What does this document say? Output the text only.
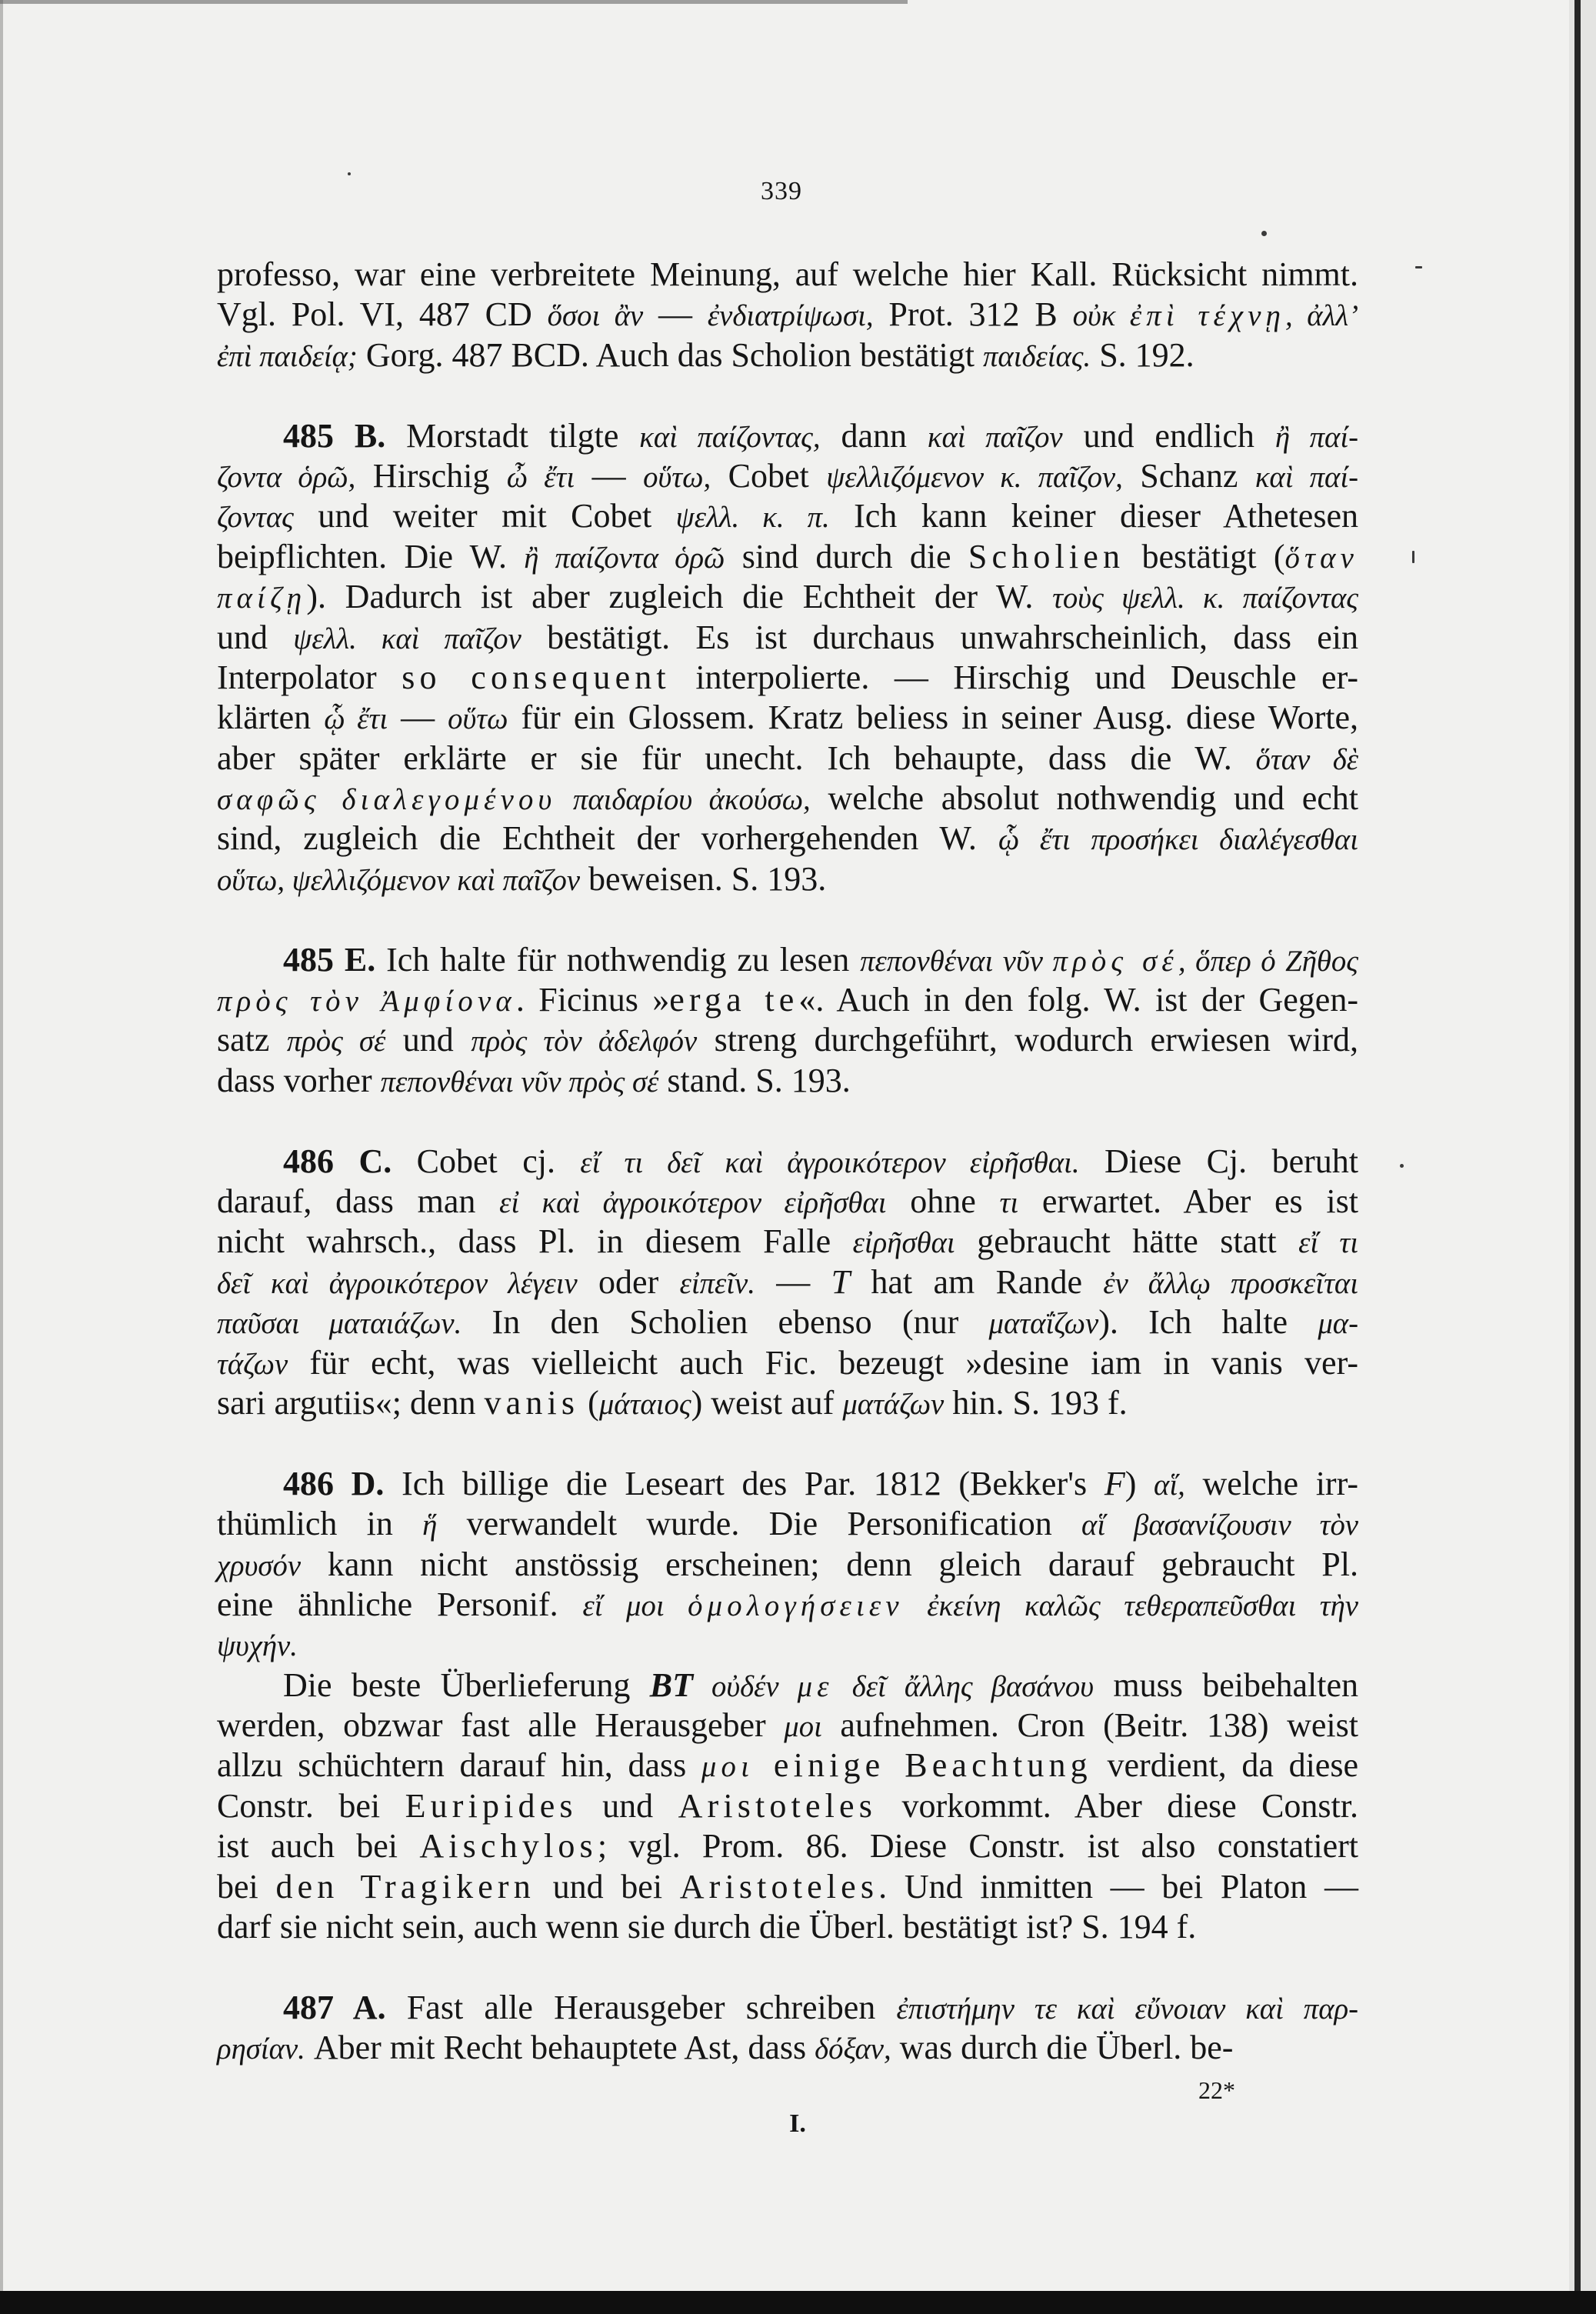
339
professo, war eine verbreitete Meinung, auf welche hier Kall. Rücksicht nimmt.
Vgl. Pol. VI, 487 CD ὅσοι ἂν — ἐνδιατρίψωσι, Prot. 312 B οὐκ ἐπὶ τέχνῃ, ἀλλ’
ἐπὶ παιδείᾳ; Gorg. 487 BCD. Auch das Scholion bestätigt παιδείας. S. 192.
485 B. Morstadt tilgte καὶ παίζοντας, dann καὶ παῖζον und endlich ἢ παί-
ζοντα ὁρῶ, Hirschig ὦ ἔτι — οὕτω, Cobet ψελλιζόμενον κ. παῖζον, Schanz καὶ παί-
ζοντας und weiter mit Cobet ψελλ. κ. π. Ich kann keiner dieser Athetesen
beipflichten. Die W. ἢ παίζοντα ὁρῶ sind durch die Scholien bestätigt (ὅταν
παίζῃ). Dadurch ist aber zugleich die Echtheit der W. τοὺς ψελλ. κ. παίζοντας
und ψελλ. καὶ παῖζον bestätigt. Es ist durchaus unwahrscheinlich, dass ein
Interpolator so consequent interpolierte. — Hirschig und Deuschle er-
klärten ᾧ ἔτι — οὕτω für ein Glossem. Kratz beliess in seiner Ausg. diese Worte,
aber später erklärte er sie für unecht. Ich behaupte, dass die W. ὅταν δὲ
σαφῶς διαλεγομένου παιδαρίου ἀκούσω, welche absolut nothwendig und echt
sind, zugleich die Echtheit der vorhergehenden W. ᾧ ἔτι προσήκει διαλέγεσθαι
οὕτω, ψελλιζόμενον καὶ παῖζον beweisen. S. 193.
485 E. Ich halte für nothwendig zu lesen πεπονθέναι νῦν πρὸς σέ, ὅπερ ὁ Ζῆθος
πρὸς τὸν Ἀμφίονα. Ficinus »erga te«. Auch in den folg. W. ist der Gegen-
satz πρὸς σέ und πρὸς τὸν ἀδελφόν streng durchgeführt, wodurch erwiesen wird,
dass vorher πεπονθέναι νῦν πρὸς σέ stand. S. 193.
486 C. Cobet cj. εἴ τι δεῖ καὶ ἀγροικότερον εἰρῆσθαι. Diese Cj. beruht
darauf, dass man εἰ καὶ ἀγροικότερον εἰρῆσθαι ohne τι erwartet. Aber es ist
nicht wahrsch., dass Pl. in diesem Falle εἰρῆσθαι gebraucht hätte statt εἴ τι
δεῖ καὶ ἀγροικότερον λέγειν oder εἰπεῖν. — T hat am Rande ἐν ἄλλῳ προσκεῖται
παῦσαι ματαιάζων. In den Scholien ebenso (nur ματαΐζων). Ich halte μα-
τάζων für echt, was vielleicht auch Fic. bezeugt »desine iam in vanis ver-
sari argutiis«; denn vanis (μάταιος) weist auf ματάζων hin. S. 193 f.
486 D. Ich billige die Leseart des Par. 1812 (Bekker's F) αἵ, welche irr-
thümlich in ἥ verwandelt wurde. Die Personification αἵ βασανίζουσιν τὸν
χρυσόν kann nicht anstössig erscheinen; denn gleich darauf gebraucht Pl.
eine ähnliche Personif. εἴ μοι ὁμολογήσειεν ἐκείνη καλῶς τεθεραπεῦσθαι τὴν
ψυχήν.
Die beste Überlieferung BT οὐδέν με δεῖ ἄλλης βασάνου muss beibehalten
werden, obzwar fast alle Herausgeber μοι aufnehmen. Cron (Beitr. 138) weist
allzu schüchtern darauf hin, dass μοι einige Beachtung verdient, da diese
Constr. bei Euripides und Aristoteles vorkommt. Aber diese Constr.
ist auch bei Aischylos; vgl. Prom. 86. Diese Constr. ist also constatiert
bei den Tragikern und bei Aristoteles. Und inmitten — bei Platon —
darf sie nicht sein, auch wenn sie durch die Überl. bestätigt ist? S. 194 f.
487 A. Fast alle Herausgeber schreiben ἐπιστήμην τε καὶ εὔνοιαν καὶ παρ-
ρησίαν. Aber mit Recht behauptete Ast, dass δόξαν, was durch die Überl. be-
22*
I.
